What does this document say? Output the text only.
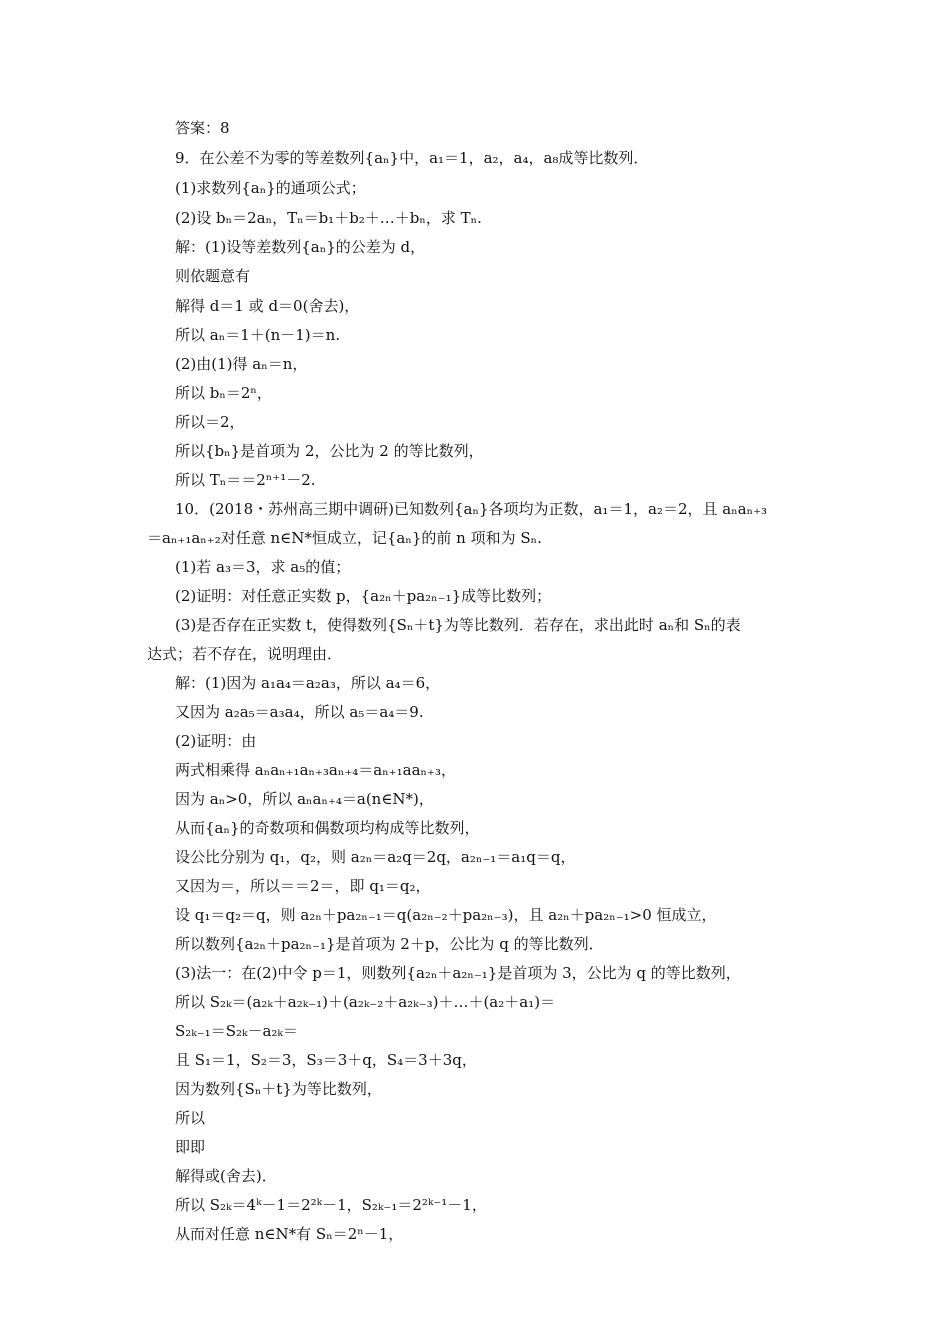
答案：8
9．在公差不为零的等差数列{aₙ}中，a₁＝1，a₂，a₄，a₈成等比数列．
(1)求数列{aₙ}的通项公式；
(2)设 bₙ＝2aₙ，Tₙ＝b₁＋b₂＋…＋bₙ，求 Tₙ.
解：(1)设等差数列{aₙ}的公差为 d，
则依题意有
解得 d＝1 或 d＝0(舍去)，
所以 aₙ＝1＋(n－1)＝n.
(2)由(1)得 aₙ＝n，
所以 bₙ＝2ⁿ，
所以＝2，
所以{bₙ}是首项为 2，公比为 2 的等比数列，
所以 Tₙ＝＝2ⁿ⁺¹－2.
10．(2018・苏州高三期中调研)已知数列{aₙ}各项均为正数，a₁＝1，a₂＝2，且 aₙaₙ₊₃
＝aₙ₊₁aₙ₊₂对任意 n∈N*恒成立，记{aₙ}的前 n 项和为 Sₙ.
(1)若 a₃＝3，求 a₅的值；
(2)证明：对任意正实数 p，{a₂ₙ＋pa₂ₙ₋₁}成等比数列；
(3)是否存在正实数 t，使得数列{Sₙ＋t}为等比数列．若存在，求出此时 aₙ和 Sₙ的表
达式；若不存在，说明理由．
解：(1)因为 a₁a₄＝a₂a₃，所以 a₄＝6，
又因为 a₂a₅＝a₃a₄，所以 a₅＝a₄＝9.
(2)证明：由
两式相乘得 aₙaₙ₊₁aₙ₊₃aₙ₊₄＝aₙ₊₁aaₙ₊₃，
因为 aₙ>0，所以 aₙaₙ₊₄＝a(n∈N*)，
从而{aₙ}的奇数项和偶数项均构成等比数列，
设公比分别为 q₁，q₂，则 a₂ₙ＝a₂q＝2q，a₂ₙ₋₁＝a₁q＝q，
又因为＝，所以＝＝2＝，即 q₁＝q₂，
设 q₁＝q₂＝q，则 a₂ₙ＋pa₂ₙ₋₁＝q(a₂ₙ₋₂＋pa₂ₙ₋₃)，且 a₂ₙ＋pa₂ₙ₋₁>0 恒成立，
所以数列{a₂ₙ＋pa₂ₙ₋₁}是首项为 2＋p，公比为 q 的等比数列．
(3)法一：在(2)中令 p＝1，则数列{a₂ₙ＋a₂ₙ₋₁}是首项为 3，公比为 q 的等比数列，
所以 S₂ₖ＝(a₂ₖ＋a₂ₖ₋₁)＋(a₂ₖ₋₂＋a₂ₖ₋₃)＋…＋(a₂＋a₁)＝
S₂ₖ₋₁＝S₂ₖ－a₂ₖ＝
且 S₁＝1，S₂＝3，S₃＝3＋q，S₄＝3＋3q，
因为数列{Sₙ＋t}为等比数列，
所以
即即
解得或(舍去)．
所以 S₂ₖ＝4ᵏ－1＝2²ᵏ－1，S₂ₖ₋₁＝2²ᵏ⁻¹－1，
从而对任意 n∈N*有 Sₙ＝2ⁿ－1，
